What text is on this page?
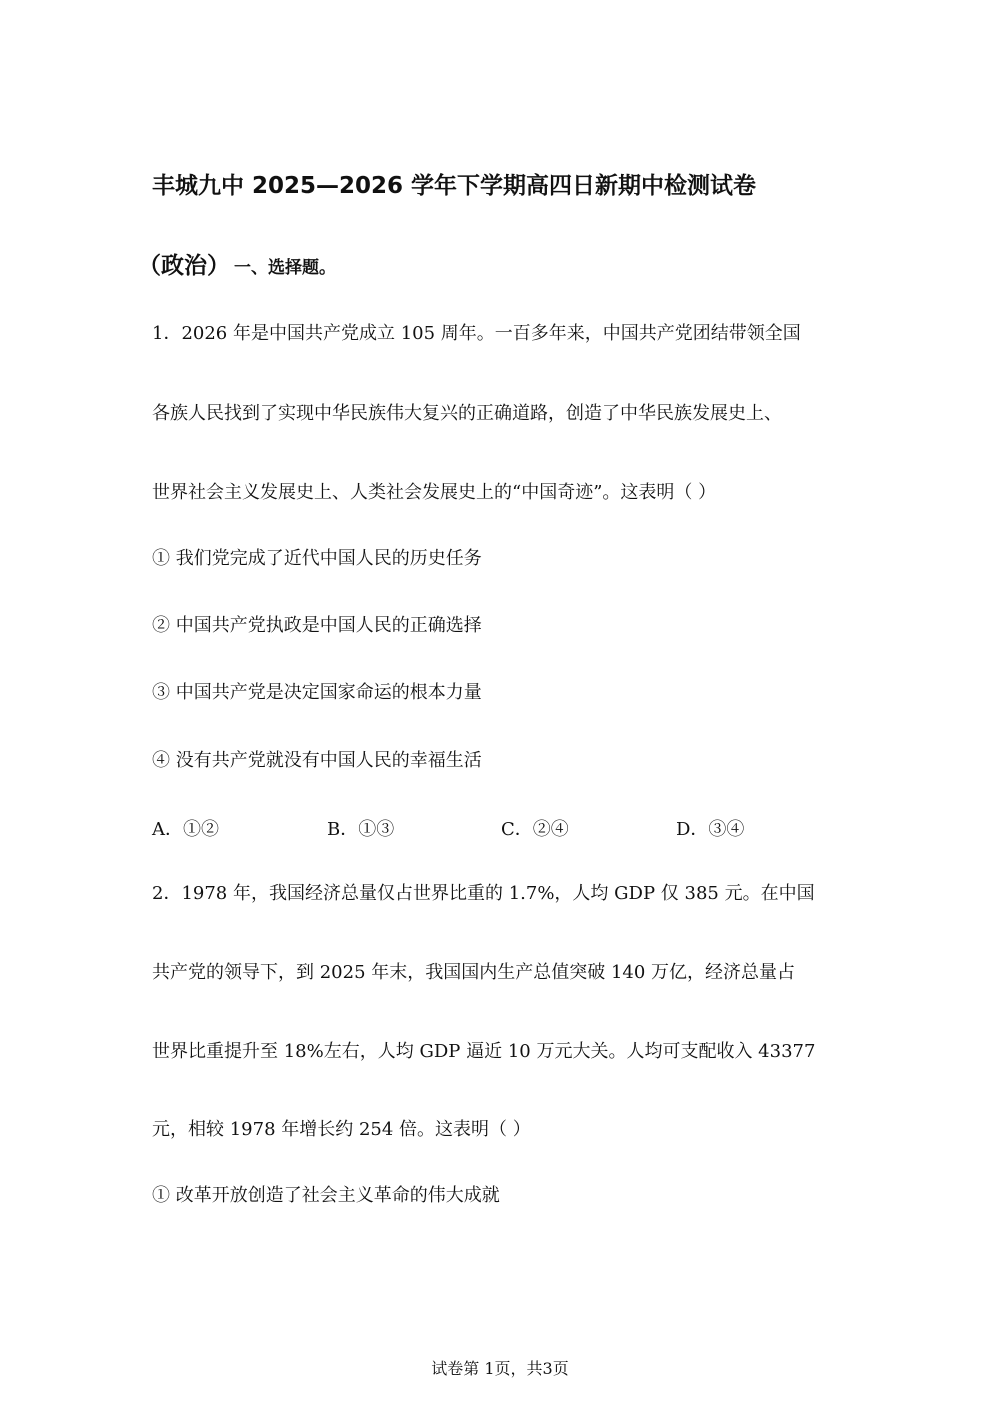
丰城九中 2025—2026 学年下学期高四日新期中检测试卷
（政治） 一、选择题。
1．2026 年是中国共产党成立 105 周年。一百多年来，中国共产党团结带领全国
各族人民找到了实现中华民族伟大复兴的正确道路，创造了中华民族发展史上、
世界社会主义发展史上、人类社会发展史上的“中国奇迹”。这表明（ ）
① 我们党完成了近代中国人民的历史任务
② 中国共产党执政是中国人民的正确选择
③ 中国共产党是决定国家命运的根本力量
④ 没有共产党就没有中国人民的幸福生活
A．①②	B．①③	C．②④	D．③④
2．1978 年，我国经济总量仅占世界比重的 1.7%，人均 GDP 仅 385 元。在中国
共产党的领导下，到 2025 年末，我国国内生产总值突破 140 万亿，经济总量占
世界比重提升至 18%左右，人均 GDP 逼近 10 万元大关。人均可支配收入 43377
元，相较 1978 年增长约 254 倍。这表明（ ）
① 改革开放创造了社会主义革命的伟大成就
试卷第 1页，共3页
